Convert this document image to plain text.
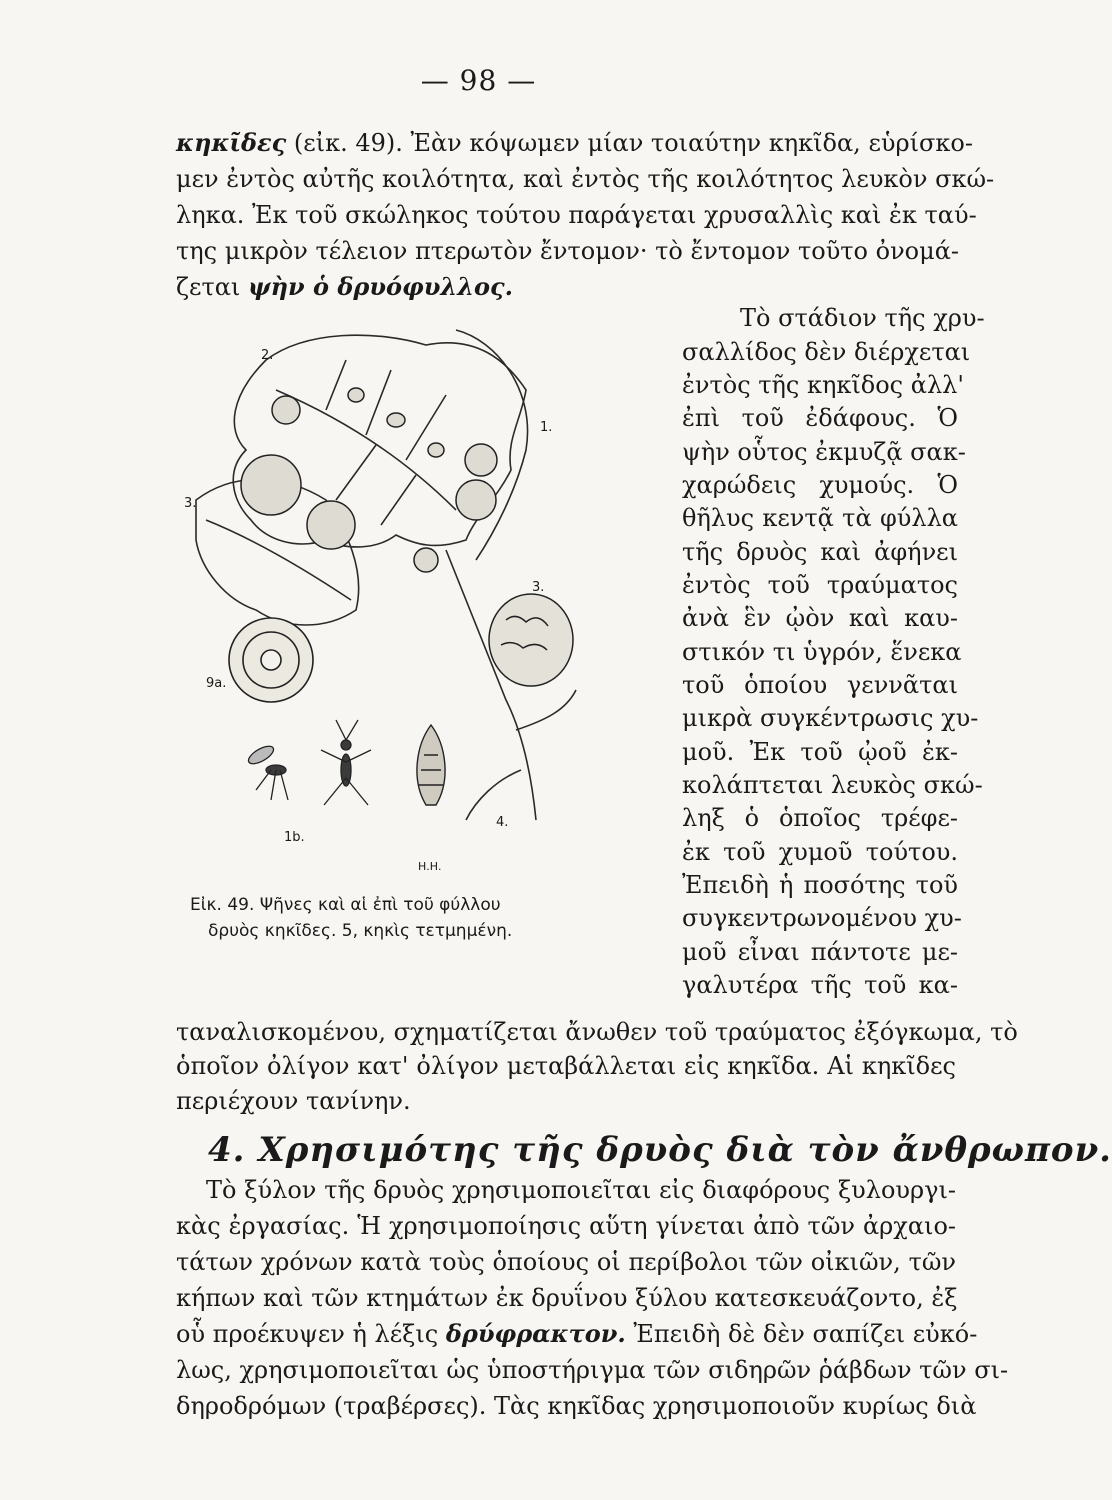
— 98 —
κηκῖδες (εἰκ. 49). Ἐὰν κόψωμεν μίαν τοιαύτην κηκῖδα, εὑρίσκο-
μεν ἐντὸς αὐτῆς κοιλότητα, καὶ ἐντὸς τῆς κοιλότητος λευκὸν σκώ-
ληκα. Ἐκ τοῦ σκώληκος τούτου παράγεται χρυσαλλὶς καὶ ἐκ ταύ-
της μικρὸν τέλειον πτερωτὸν ἔντομον· τὸ ἔντομον τοῦτο ὀνομά-
ζεται ψὴν ὁ δρυόφυλλος.
Τὸ στάδιον τῆς χρυ-
σαλλίδος δὲν διέρχεται
ἐντὸς τῆς κηκῖδος ἀλλ'
ἐπὶ τοῦ ἐδάφους. Ὁ
ψὴν οὗτος ἐκμυζᾷ σακ-
χαρώδεις χυμούς. Ὁ
θῆλυς κεντᾷ τὰ φύλλα
τῆς δρυὸς καὶ ἀφήνει
ἐντὸς τοῦ τραύματος
ἀνὰ ἓν ᾠὸν καὶ καυ-
στικόν τι ὑγρόν, ἕνεκα
τοῦ ὁποίου γεννᾶται
μικρὰ συγκέντρωσις χυ-
μοῦ. Ἐκ τοῦ ᾠοῦ ἐκ-
κολάπτεται λευκὸς σκώ-
ληξ ὁ ὁποῖος τρέφε-
ἐκ τοῦ χυμοῦ τούτου.
Ἐπειδὴ ἡ ποσότης τοῦ
συγκεντρωνομένου χυ-
μοῦ εἶναι πάντοτε με-
γαλυτέρα τῆς τοῦ κα-
2.
1.
3.
3.
4.
9a.
1b.
Η.Η.
Εἰκ. 49. Ψῆνες καὶ αἱ ἐπὶ τοῦ φύλλου
δρυὸς κηκῖδες. 5, κηκὶς τετμημένη.
ταναλισκομένου, σχηματίζεται ἄνωθεν τοῦ τραύματος ἐξόγκωμα, τὸ
ὁποῖον ὀλίγον κατ' ὀλίγον μεταβάλλεται εἰς κηκῖδα. Αἱ κηκῖδες
περιέχουν τανίνην.
4. Χρησιμότης τῆς δρυὸς διὰ τὸν ἄνθρωπον.
Τὸ ξύλον τῆς δρυὸς χρησιμοποιεῖται εἰς διαφόρους ξυλουργι-
κὰς ἐργασίας. Ἡ χρησιμοποίησις αὕτη γίνεται ἀπὸ τῶν ἀρχαιο-
τάτων χρόνων κατὰ τοὺς ὁποίους οἱ περίβολοι τῶν οἰκιῶν, τῶν
κήπων καὶ τῶν κτημάτων ἐκ δρυΐνου ξύλου κατεσκευάζοντο, ἐξ
οὗ προέκυψεν ἡ λέξις δρύφρακτον. Ἐπειδὴ δὲ δὲν σαπίζει εὐκό-
λως, χρησιμοποιεῖται ὡς ὑποστήριγμα τῶν σιδηρῶν ῥάβδων τῶν σι-
δηροδρόμων (τραβέρσες). Τὰς κηκῖδας χρησιμοποιοῦν κυρίως διὰ
